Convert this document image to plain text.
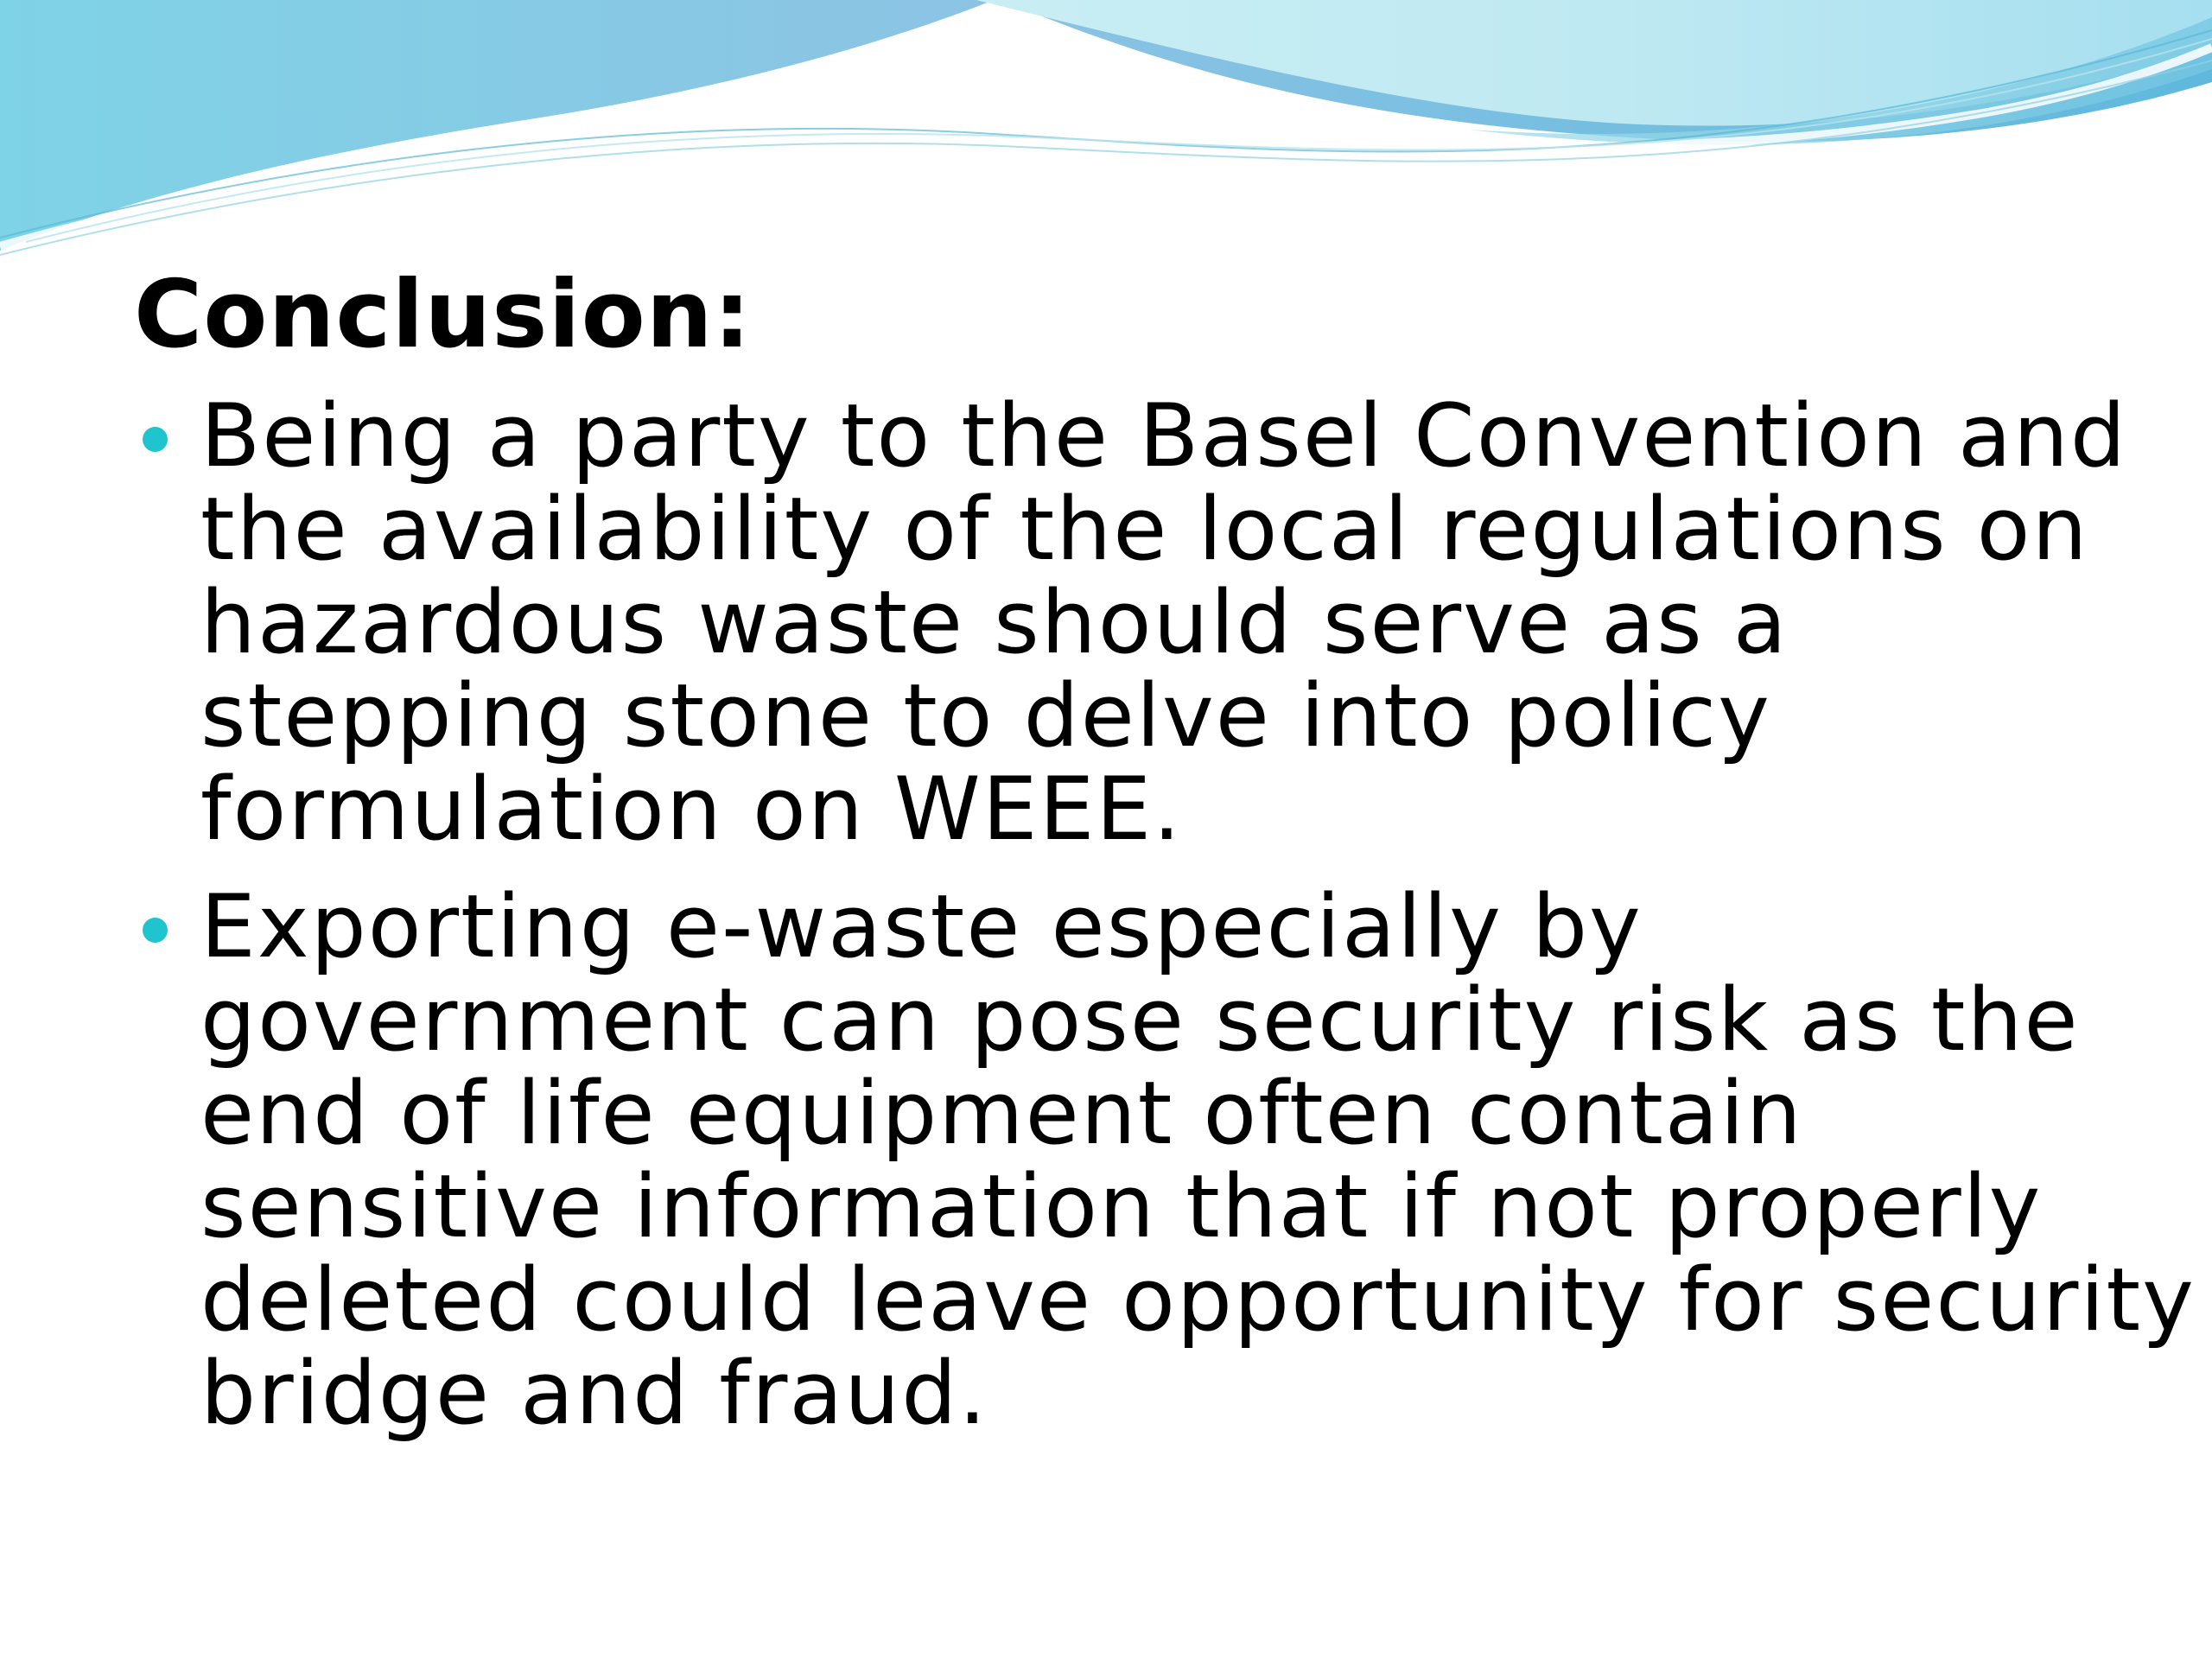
Conclusion:
Being a party to the Basel Convention and
the availability of the local regulations on
hazardous waste should serve as a
stepping stone to delve into policy
formulation on WEEE.
Exporting e-waste especially by
government can pose security risk as the
end of life equipment often contain
sensitive information that if not properly
deleted could leave opportunity for security
bridge and fraud.
